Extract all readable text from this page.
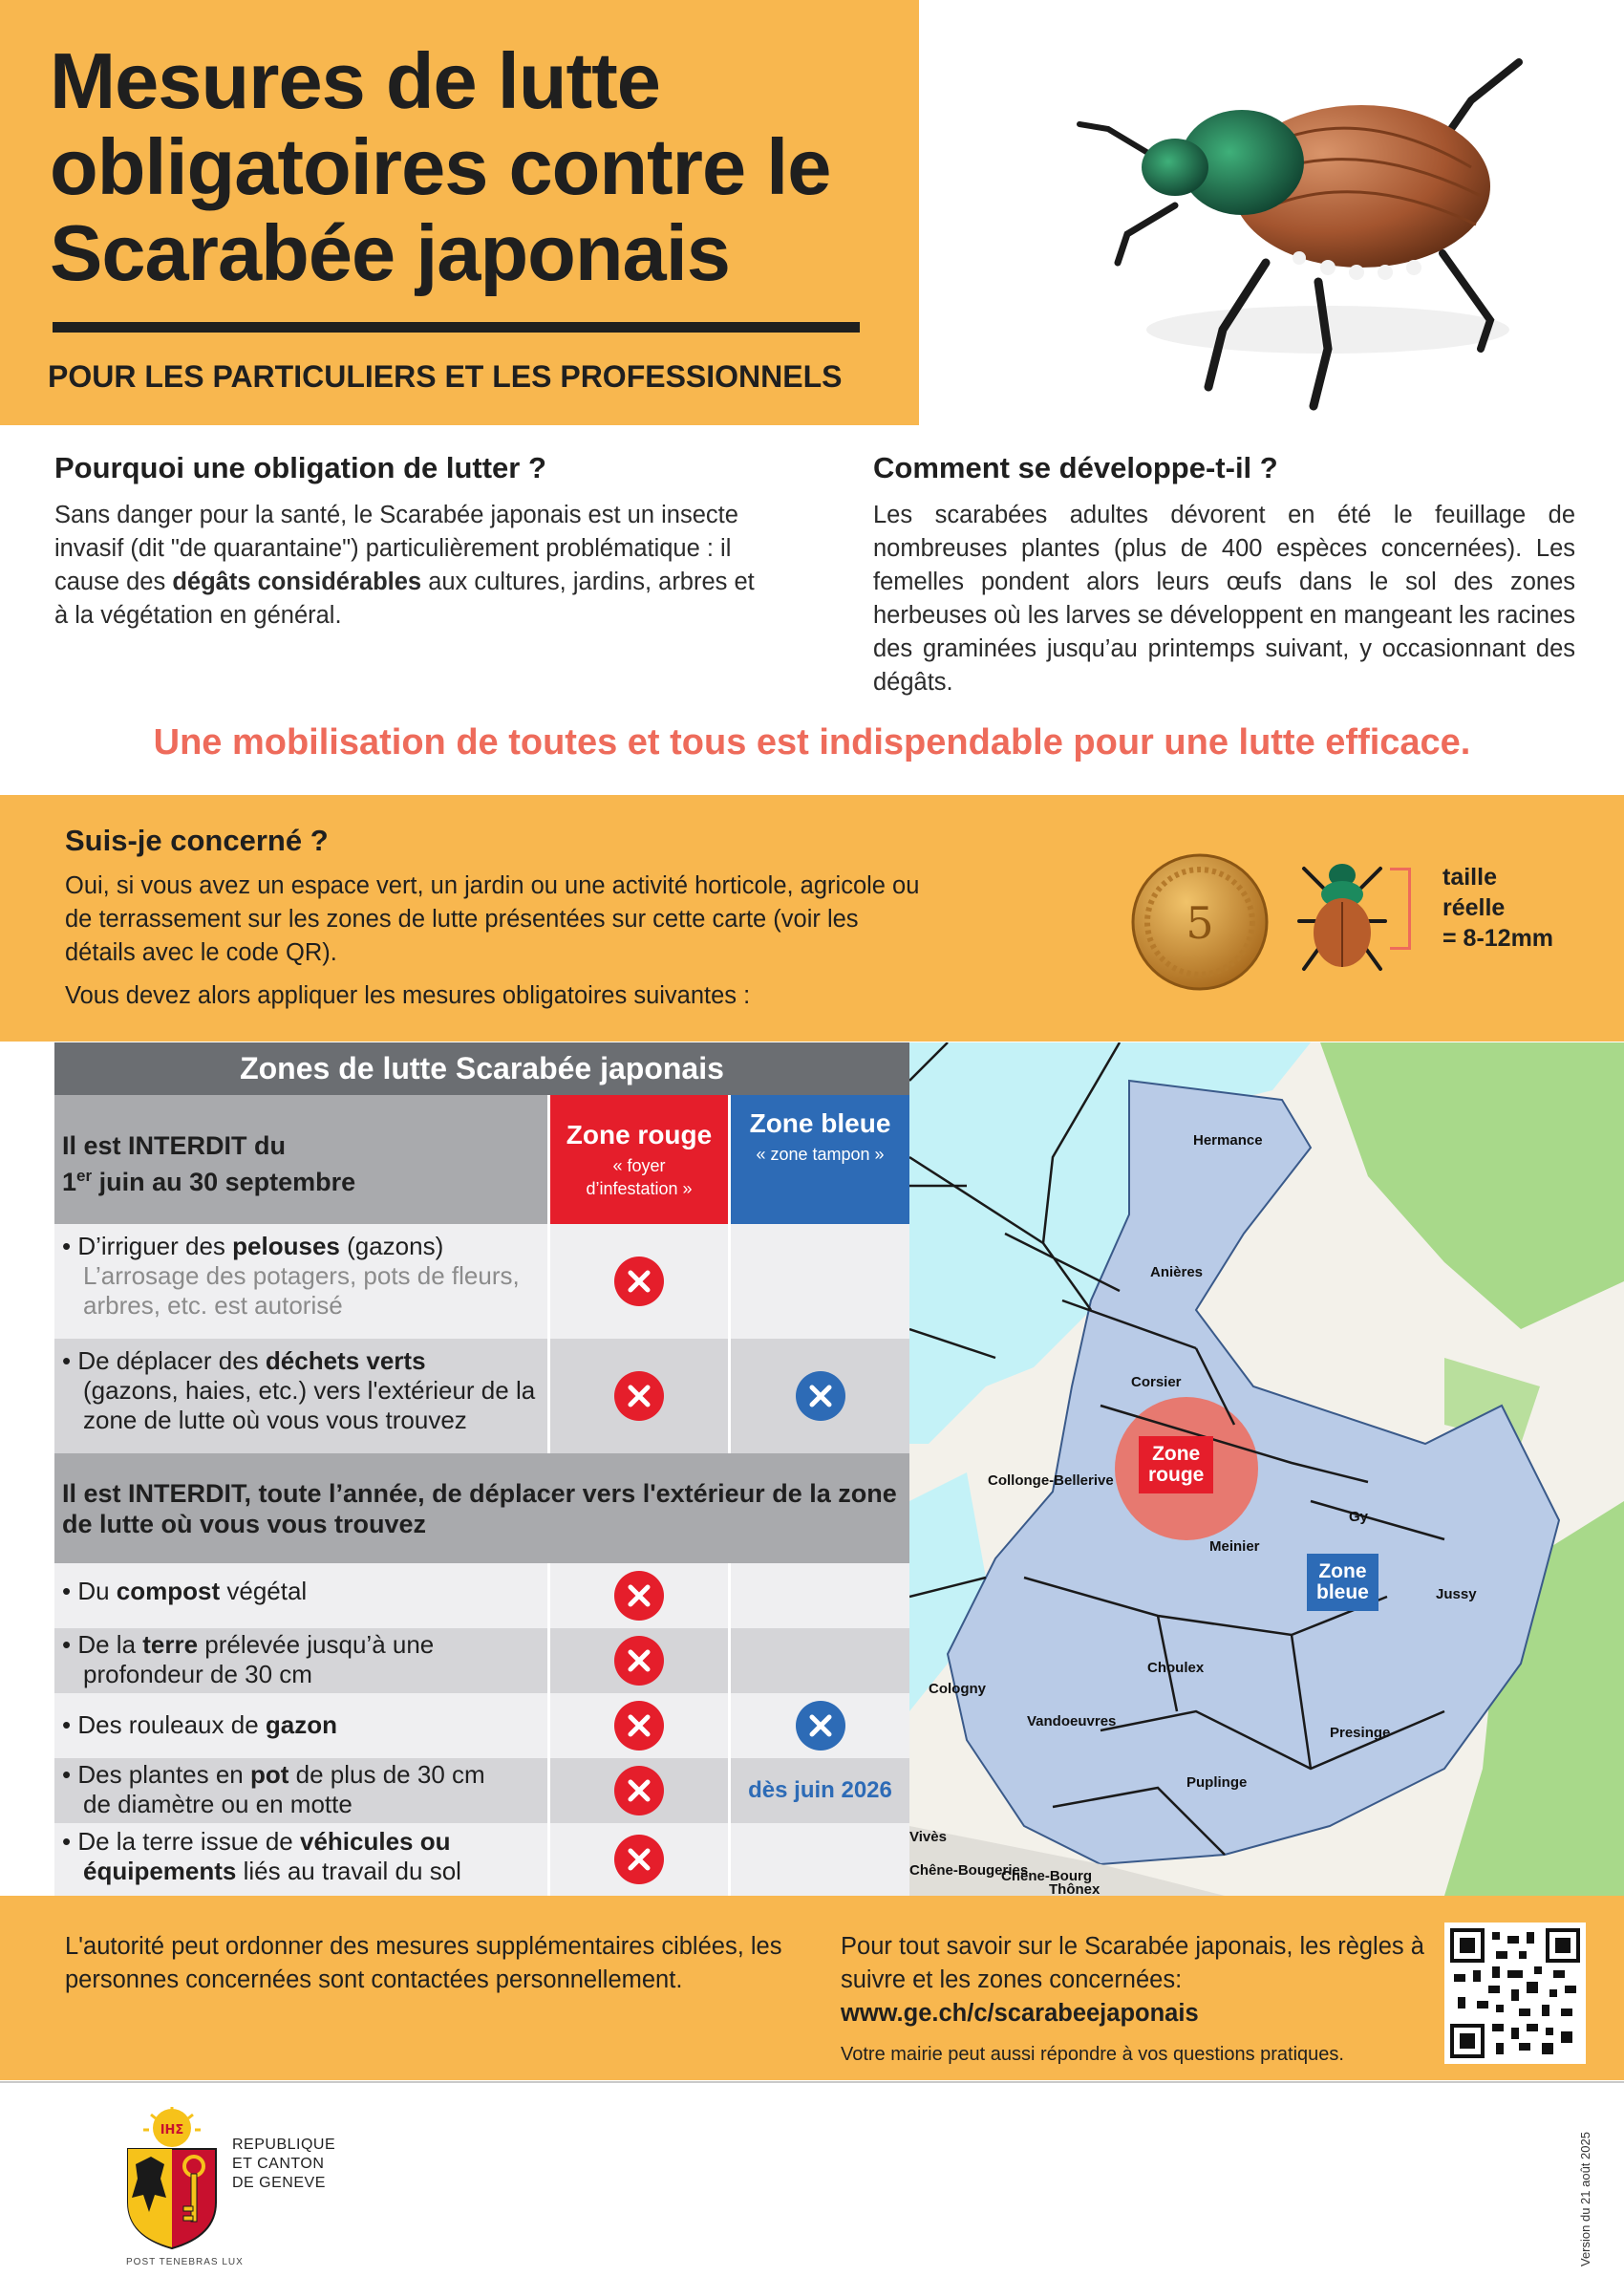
Mesures de lutte obligatoires contre le Scarabée japonais
POUR LES PARTICULIERS ET LES PROFESSIONNELS
Pourquoi une obligation de lutter ?

Sans danger pour la santé, le Scarabée japonais est un insecte invasif (dit "de quarantaine") particulièrement problématique : il cause des dégâts considérables aux cultures, jardins, arbres et à la végétation en général.

Comment se développe-t-il ?

Les scarabées adultes dévorent en été le feuillage de nombreuses plantes (plus de 400 espèces concernées). Les femelles pondent alors leurs œufs dans le sol des zones herbeuses où les larves se développent en mangeant les racines des graminées jusqu’au printemps suivant, y occasionnant des dégâts.

Une mobilisation de toutes et tous est indispendable pour une lutte efficace.
Suis-je concerné ?
Oui, si vous avez un espace vert, un jardin ou une activité horticole, agricole ou de terrassement sur les zones de lutte présentées sur cette carte (voir les détails avec le code QR).
Vous devez alors appliquer les mesures obligatoires suivantes :
5
taille
réelle
= 8-12mm
Zones de lutte Scarabée japonais
Il est INTERDIT du
1er juin au 30 septembre
Zone rouge
« foyer
d’infestation »
Zone bleue
« zone tampon »
• D’irriguer des pelouses (gazons)
L’arrosage des potagers, pots de fleurs, arbres, etc. est autorisé
• De déplacer des déchets verts
(gazons, haies, etc.) vers l'extérieur de la zone de lutte où vous vous trouvez
Il est INTERDIT, toute l’année, de déplacer vers l'extérieur de la zone de lutte où vous vous trouvez
• Du compost végétal
• De la terre prélevée jusqu’à une
profondeur de 30 cm
• Des rouleaux de gazon
• Des plantes en pot de plus de 30 cm
de diamètre ou en motte	dès juin 2026
• De la terre issue de véhicules ou
équipements liés au travail du sol
Hermance
Anières
Corsier
Collonge-Bellerive
Gy
Meinier
Jussy
Choulex
Cologny
Vandoeuvres
Presinge
Puplinge
Vivès
Chêne-Bougeries
Chêne-Bourg
Thônex
Zone
rouge
Zone
bleue
L'autorité peut ordonner des mesures supplémentaires ciblées, les personnes concernées sont contactées personnellement.
Pour tout savoir sur le Scarabée japonais, les règles à suivre et les zones concernées:
www.ge.ch/c/scarabeejaponais
Votre mairie peut aussi répondre à vos questions pratiques.
IHΣ
REPUBLIQUE
ET CANTON
DE GENEVE
POST TENEBRAS LUX	Version du 21 août 2025
